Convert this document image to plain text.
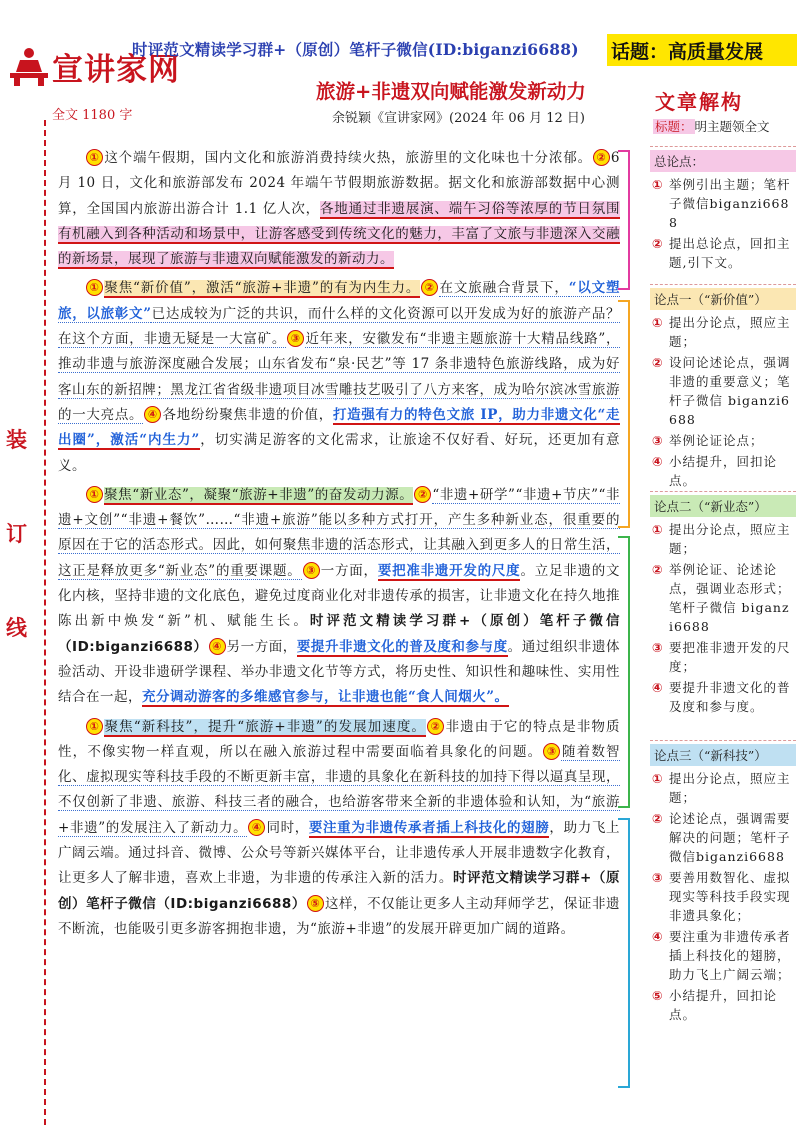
宣讲家网
时评范文精读学习群+（原创）笔杆子微信(ID:biganzi6688) 话题：高质量发展
旅游+非遗双向赋能激发新动力
余锐颖《宣讲家网》(2024 年 06 月 12 日)
全文 1180 字
装
订
线

① 这个端午假期，国内文化和旅游消费持续火热，旅游里的文化味也十分浓郁。 ② 6 月 10 日，文化和旅游部发布 2024 年端午节假期旅游数据。据文化和旅游部数据中心测算，全国国内旅游出游合计 1.1 亿人次，各地通过非遗展演、端午习俗等浓厚的节日氛围有机融入到各种活动和场景中，让游客感受到传统文化的魅力，丰富了文旅与非遗深入交融的新场景，展现了旅游与非遗双向赋能激发的新动力。

① 聚焦“新价值”，激活“旅游+非遗”的有为内生力。 ② 在文旅融合背景下，“以文塑旅，以旅彰文”已达成较为广泛的共识，而什么样的文化资源可以开发成为好的旅游产品？在这个方面，非遗无疑是一大富矿。 ③ 近年来，安徽发布“非遗主题旅游十大精品线路”，推动非遗与旅游深度融合发展；山东省发布“泉·民艺”等 17 条非遗特色旅游线路，成为好客山东的新招牌；黑龙江省省级非遗项目冰雪雕技艺吸引了八方来客，成为哈尔滨冰雪旅游的一大亮点。 ④ 各地纷纷聚焦非遗的价值，打造强有力的特色文旅 IP，助力非遗文化“走出圈”，激活“内生力”，切实满足游客的文化需求，让旅途不仅好看、好玩，还更加有意义。

① 聚焦“新业态”，凝聚“旅游+非遗”的奋发动力源。 ② “非遗+研学”“非遗+节庆”“非遗+文创”“非遗+餐饮”……“非遗+旅游”能以多种方式打开，产生多种新业态，很重要的原因在于它的活态形式。因此，如何聚焦非遗的活态形式，让其融入到更多人的日常生活，这正是释放更多“新业态”的重要课题。 ③ 一方面，要把准非遗开发的尺度。立足非遗的文化内核，坚持非遗的文化底色，避免过度商业化对非遗传承的损害，让非遗文化在持久地推陈出新中焕发“新”机、赋能生长。时评范文精读学习群+（原创）笔杆子微信（ID:biganzi6688） ④ 另一方面，要提升非遗文化的普及度和参与度。通过组织非遗体验活动、开设非遗研学课程、举办非遗文化节等方式，将历史性、知识性和趣味性、实用性结合在一起，充分调动游客的多维感官参与，让非遗也能“食人间烟火”。

① 聚焦“新科技”，提升“旅游+非遗”的发展加速度。 ② 非遗由于它的特点是非物质性，不像实物一样直观，所以在融入旅游过程中需要面临着具象化的问题。 ③ 随着数智化、虚拟现实等科技手段的不断更新丰富，非遗的具象化在新科技的加持下得以逼真呈现，不仅创新了非遗、旅游、科技三者的融合，也给游客带来全新的非遗体验和认知，为“旅游+非遗”的发展注入了新动力。 ④ 同时，要注重为非遗传承者插上科技化的翅膀，助力飞上广阔云端。通过抖音、微博、公众号等新兴媒体平台，让非遗传承人开展非遗数字化教育，让更多人了解非遗，喜欢上非遗，为非遗的传承注入新的活力。时评范文精读学习群+（原创）笔杆子微信（ID:biganzi6688） ⑤ 这样，不仅能让更多人主动拜师学艺，保证非遗不断流，也能吸引更多游客拥抱非遗，为“旅游+非遗”的发展开辟更加广阔的道路。

文章解构
标题： 明主题领全文
总论点：
① 举例引出主题；笔杆子微信biganzi6688
② 提出总论点，回扣主题,引下文。
论点一（“新价值”）
① 提出分论点，照应主题；
② 设问论述论点，强调非遗的重要意义；笔杆子微信 biganzi6688
③ 举例论证论点；
④ 小结提升，回扣论点。
论点二（“新业态”）
① 提出分论点，照应主题；
② 举例论证、论述论点，强调业态形式；笔杆子微信 biganzi6688
③ 要把准非遗开发的尺度；
④ 要提升非遗文化的普及度和参与度。
论点三（“新科技”）
① 提出分论点，照应主题；
② 论述论点，强调需要解决的问题；笔杆子微信biganzi6688
③ 要善用数智化、虚拟现实等科技手段实现非遗具象化；
④ 要注重为非遗传承者插上科技化的翅膀，助力飞上广阔云端；
⑤ 小结提升，回扣论点。
